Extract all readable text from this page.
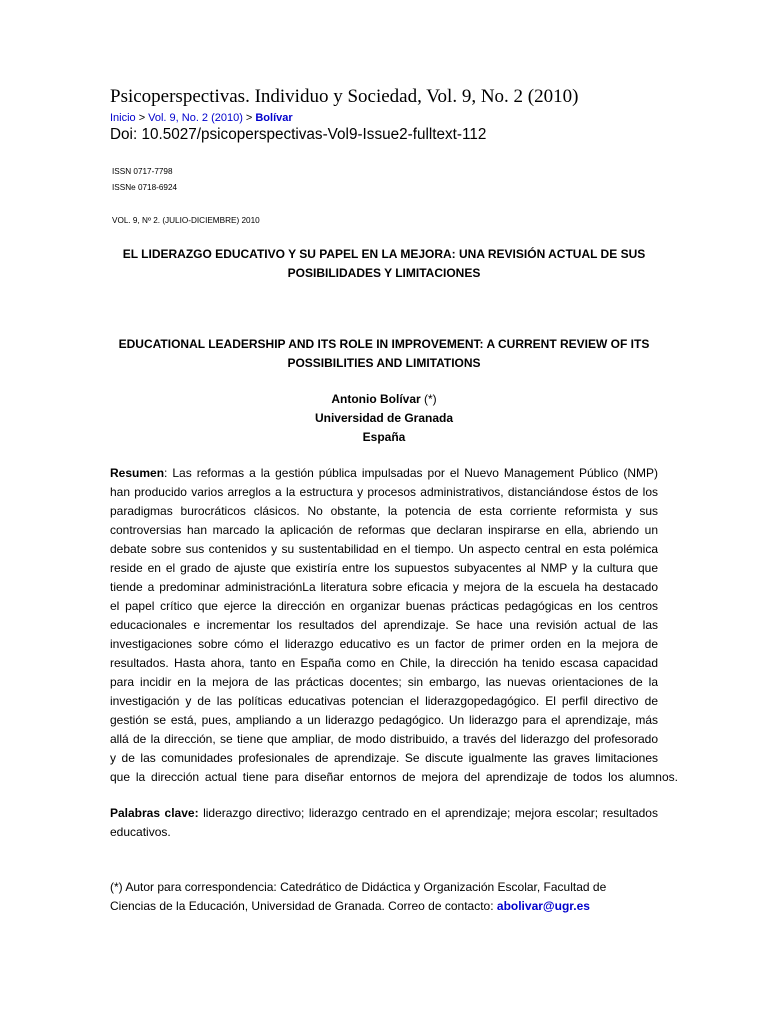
Psicoperspectivas. Individuo y Sociedad, Vol. 9, No. 2 (2010)
Inicio > Vol. 9, No. 2 (2010) > Bolívar
Doi: 10.5027/psicoperspectivas-Vol9-Issue2-fulltext-112
ISSN 0717-7798
ISSNe 0718-6924
VOL. 9, Nº 2. (JULIO-DICIEMBRE) 2010
EL LIDERAZGO EDUCATIVO Y SU PAPEL EN LA MEJORA: UNA REVISIÓN ACTUAL DE SUS
POSIBILIDADES Y LIMITACIONES
EDUCATIONAL LEADERSHIP AND ITS ROLE IN IMPROVEMENT: A CURRENT REVIEW OF ITS
POSSIBILITIES AND LIMITATIONS
Antonio Bolívar (*)
Universidad de Granada
España
Resumen: Las reformas a la gestión pública impulsadas por el Nuevo Management Público (NMP)
han producido varios arreglos a la estructura y procesos administrativos, distanciándose éstos de los
paradigmas burocráticos clásicos. No obstante, la potencia de esta corriente reformista y sus
controversias han marcado la aplicación de reformas que declaran inspirarse en ella, abriendo un
debate sobre sus contenidos y su sustentabilidad en el tiempo. Un aspecto central en esta polémica
reside en el grado de ajuste que existiría entre los supuestos subyacentes al NMP y la cultura que
tiende a predominar administraciónLa literatura sobre eficacia y mejora de la escuela ha destacado
el papel crítico que ejerce la dirección en organizar buenas prácticas pedagógicas en los centros
educacionales e incrementar los resultados del aprendizaje. Se hace una revisión actual de las
investigaciones sobre cómo el liderazgo educativo es un factor de primer orden en la mejora de
resultados. Hasta ahora, tanto en España como en Chile, la dirección ha tenido escasa capacidad
para incidir en la mejora de las prácticas docentes; sin embargo, las nuevas orientaciones de la
investigación y de las políticas educativas potencian el liderazgopedagógico. El perfil directivo de
gestión se está, pues, ampliando a un liderazgo pedagógico. Un liderazgo para el aprendizaje, más
allá de la dirección, se tiene que ampliar, de modo distribuido, a través del liderazgo del profesorado
y de las comunidades profesionales de aprendizaje. Se discute igualmente las graves limitaciones
que la dirección actual tiene para diseñar entornos de mejora del aprendizaje de todos los alumnos.
Palabras clave: liderazgo directivo; liderazgo centrado en el aprendizaje; mejora escolar; resultados
educativos.
(*) Autor para correspondencia: Catedrático de Didáctica y Organización Escolar, Facultad de
Ciencias de la Educación, Universidad de Granada. Correo de contacto: abolivar@ugr.es
